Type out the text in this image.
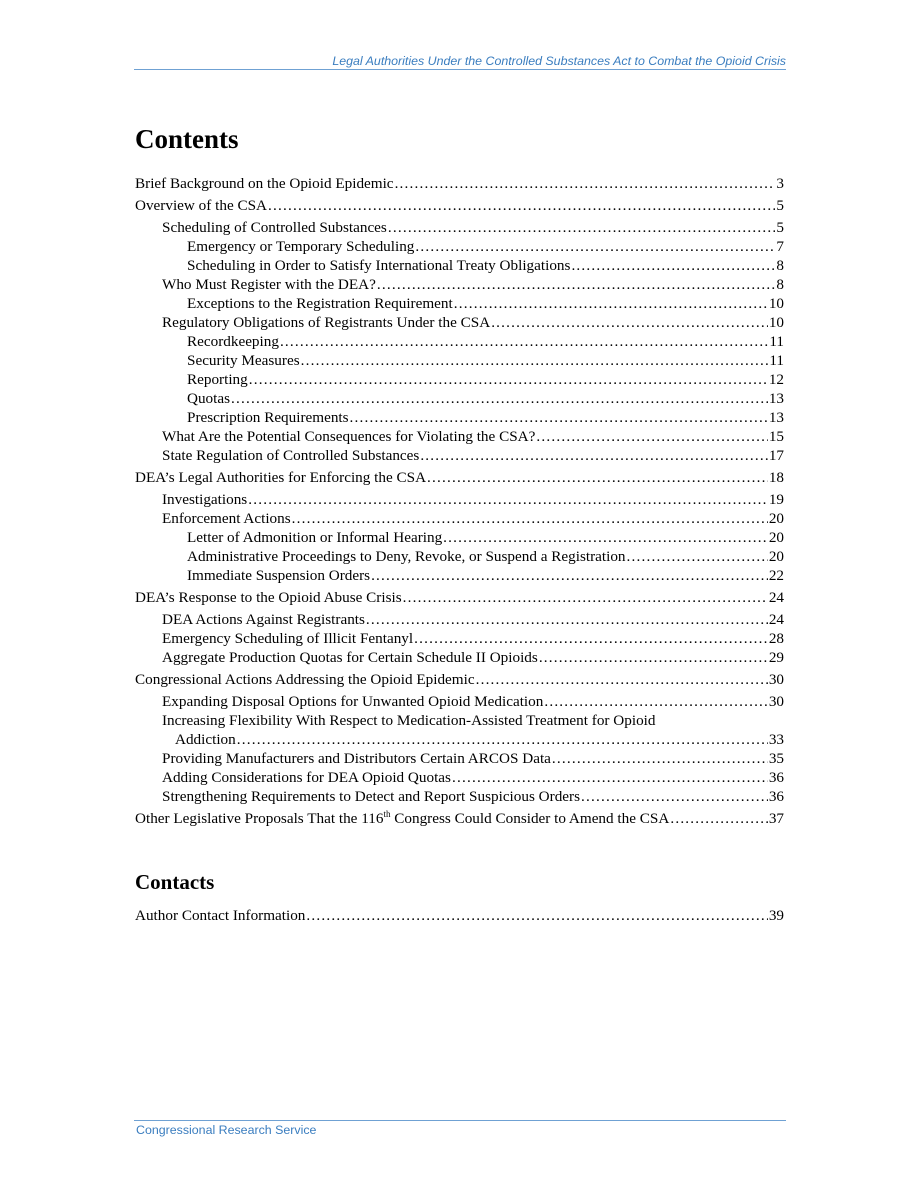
Legal Authorities Under the Controlled Substances Act to Combat the Opioid Crisis
Contents
Brief Background on the Opioid Epidemic . . .	3
Overview of the CSA . . .	5
Scheduling of Controlled Substances . . .	5
Emergency or Temporary Scheduling . . .	7
Scheduling in Order to Satisfy International Treaty Obligations . . .	8
Who Must Register with the DEA? . . .	8
Exceptions to the Registration Requirement . . .	10
Regulatory Obligations of Registrants Under the CSA . . .	10
Recordkeeping . . .	11
Security Measures . . .	11
Reporting . . .	12
Quotas . . .	13
Prescription Requirements . . .	13
What Are the Potential Consequences for Violating the CSA? . . .	15
State Regulation of Controlled Substances . . .	17
DEA’s Legal Authorities for Enforcing the CSA . . .	18
Investigations . . .	19
Enforcement Actions . . .	20
Letter of Admonition or Informal Hearing . . .	20
Administrative Proceedings to Deny, Revoke, or Suspend a Registration . . .	20
Immediate Suspension Orders . . .	22
DEA’s Response to the Opioid Abuse Crisis . . .	24
DEA Actions Against Registrants . . .	24
Emergency Scheduling of Illicit Fentanyl . . .	28
Aggregate Production Quotas for Certain Schedule II Opioids . . .	29
Congressional Actions Addressing the Opioid Epidemic . . .	30
Expanding Disposal Options for Unwanted Opioid Medication . . .	30
Increasing Flexibility With Respect to Medication-Assisted Treatment for Opioid
Addiction . . .	33
Providing Manufacturers and Distributors Certain ARCOS Data . . .	35
Adding Considerations for DEA Opioid Quotas . . .	36
Strengthening Requirements to Detect and Report Suspicious Orders . . .	36
Other Legislative Proposals That the 116th Congress Could Consider to Amend the CSA . . .	37
Contacts
Author Contact Information . . .	39
Congressional Research Service
